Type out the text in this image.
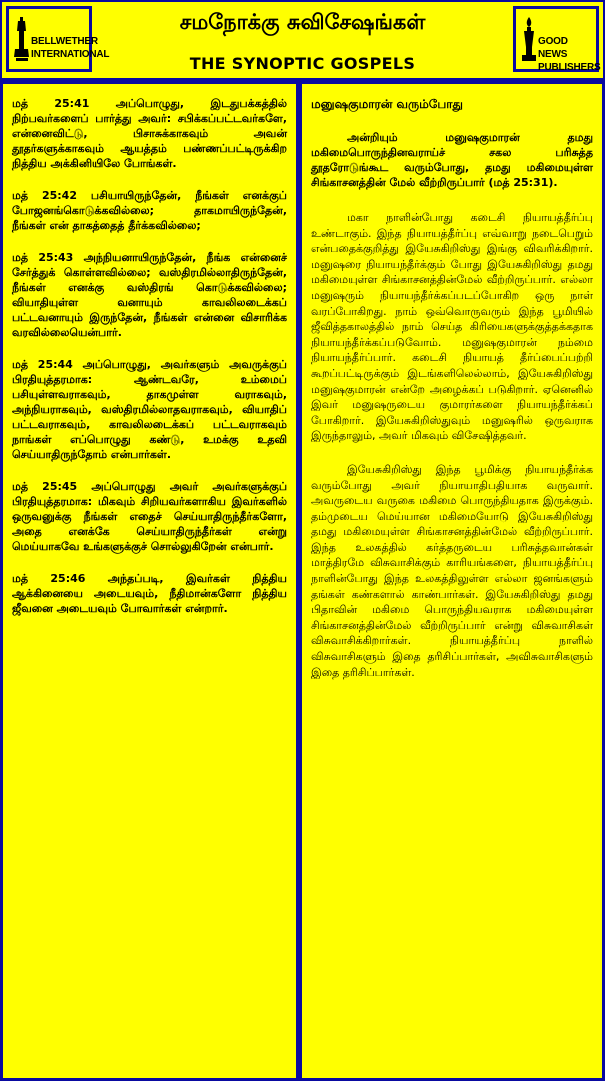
BELLWETHER INTERNATIONAL
சமநோக்கு சுவிசேஷங்கள்
THE SYNOPTIC GOSPELS
GOOD NEWS PUBLISHERS

மத் 25:41 அப்பொழுது, இடதுபக்கத்தில் நிற்பவர்களைப் பார்த்து அவர்: சபிக்கப்பட்டவர்களே, என்னைவிட்டு, பிசாசுக்காகவும் அவன் தூதர்களுக்காகவும் ஆயத்தம் பண்ணப்பட்டிருக்கிற நித்திய அக்கினியிலே போங்கள்.

மத் 25:42 பசியாயிருந்தேன், நீங்கள் எனக்குப் போஜனங்கொடுக்கவில்லை; தாகமாயிருந்தேன், நீங்கள் என் தாகத்தைத் தீர்க்கவில்லை;

மத் 25:43 அந்நியனாயிருந்தேன், நீங்க என்னைச் சேர்த்துக் கொள்ளவில்லை; வஸ்திரமில்லாதிருந்தேன், நீங்கள் எனக்கு வஸ்திரங் கொடுக்கவில்லை; வியாதியுள்ள வனாயும் காவலிலடைக்கப் பட்டவனாயும் இருந்தேன், நீங்கள் என்னை விசாரிக்க வரவில்லையென்பார்.

மத் 25:44 அப்பொழுது, அவர்களும் அவருக்குப் பிரதியுத்தரமாக: ஆண்டவரே, உம்மைப் பசியுள்ளவராகவும், தாகமுள்ள வராகவும், அந்நியராகவும், வஸ்திரமில்லாதவராகவும், வியாதிப் பட்டவராகவும், காவலிலடைக்கப் பட்டவராகவும் நாங்கள் எப்பொழுது கண்டு, உமக்கு உதவி செய்யாதிருந்தோம் என்பார்கள்.

மத் 25:45 அப்பொழுது அவர் அவர்களுக்குப் பிரதியுத்தரமாக: மிகவும் சிறியவர்களாகிய இவர்களில் ஒருவனுக்கு நீங்கள் எதைச் செய்யாதிருந்தீர்களோ, அதை எனக்கே செய்யாதிருந்தீர்கள் என்று மெய்யாகவே உங்களுக்குச் சொல்லுகிறேன் என்பார்.

மத் 25:46 அந்தப்படி, இவர்கள் நித்திய ஆக்கினையை அடையவும், நீதிமான்களோ நித்திய ஜீவனை அடையவும் போவார்கள் என்றார்.

மனுஷகுமாரன் வரும்போது

அன்றியும் மனுஷகுமாரன் தமது மகிமைபொருந்தினவராய்ச் சகல பரிசுத்த தூதரோடுங்கூட வரும்போது, தமது மகிமையுள்ள சிங்காசனத்தின் மேல் வீற்றிருப்பார் (மத் 25:31).

மகா நாளின்போது கடைசி நியாயத்தீர்ப்பு உண்டாகும். இந்த நியாயத்தீர்ப்பு எவ்வாறு நடைபெறும் என்பதைக்குறித்து இயேசுகிறிஸ்து இங்கு விவரிக்கிறார். மனுஷரை நியாயந்தீர்க்கும் போது இயேசுகிறிஸ்து தமது மகிமையுள்ள சிங்காசனத்தின்மேல் வீற்றிருப்பார். எல்லா மனுஷரும் நியாயந்தீர்க்கப்படப்போகிற ஒரு நாள் வரப்போகிறது. நாம் ஒவ்வொருவரும் இந்த பூமியில் ஜீவித்தகாலத்தில் நாம் செய்த கிரியைகளுக்குத்தக்கதாக நியாயந்தீர்க்கப்படுவோம். மனுஷகுமாரன் நம்மை நியாயந்தீர்ப்பார். கடைசி நியாயத் தீர்ப்பைப்பற்றி கூறப்பட்டிருக்கும் இடங்களிலெல்லாம், இயேசுகிறிஸ்து மனுஷகுமாரன் என்றே அழைக்கப் படுகிறார். ஏனெனில் இவர் மனுஷருடைய குமாரர்களை நியாயந்தீர்க்கப் போகிறார். இயேசுகிறிஸ்துவும் மனுஷரில் ஒருவராக இருந்தாலும், அவர் மிகவும் விசேஷித்தவர்.

இயேசுகிறிஸ்து இந்த பூமிக்கு நியாயந்தீர்க்க வரும்போது அவர் நியாயாதிபதியாக வருவார். அவருடைய வருகை மகிமை பொருந்தியதாக இருக்கும். தம்முடைய மெய்யான மகிமையோடு இயேசுகிறிஸ்து தமது மகிமையுள்ள சிங்காசனத்தின்மேல் வீற்றிருப்பார். இந்த உலகத்தில் கர்த்தருடைய பரிசுத்தவான்கள் மாத்திரமே விசுவாசிக்கும் காரியங்களை, நியாயத்தீர்ப்பு நாளின்போது இந்த உலகத்திலுள்ள எல்லா ஜனங்களும் தங்கள் கண்களால் காண்பார்கள். இயேசுகிறிஸ்து தமது பிதாவின் மகிமை பொருந்தியவராக மகிமையுள்ள சிங்காசனத்தின்மேல் வீற்றிருப்பார் என்று விசுவாசிகள் விசுவாசிக்கிறார்கள். நியாயத்தீர்ப்பு நாளில் விசுவாசிகளும் இதை தரிசிப்பார்கள், அவிசுவாசிகளும் இதை தரிசிப்பார்கள்.
